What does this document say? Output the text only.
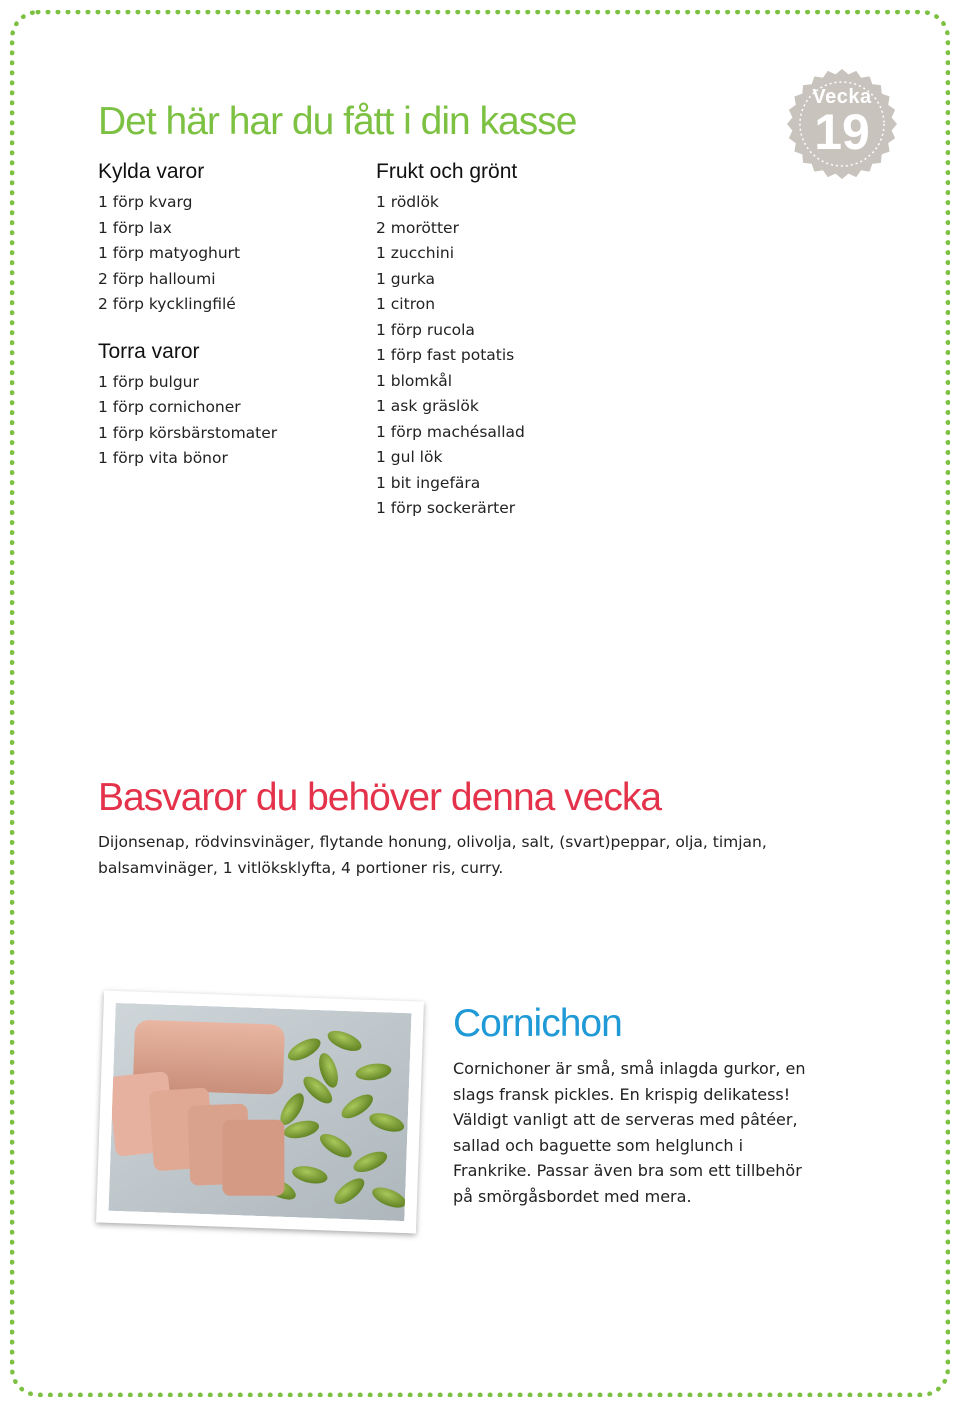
Det här har du fått i din kasse
Vecka
19
Kylda varor
1 förp kvarg
1 förp lax
1 förp matyoghurt
2 förp halloumi
2 förp kycklingfilé
Torra varor
1 förp bulgur
1 förp cornichoner
1 förp körsbärstomater
1 förp vita bönor
Frukt och grönt
1 rödlök
2 morötter
1 zucchini
1 gurka
1 citron
1 förp rucola
1 förp fast potatis
1 blomkål
1 ask gräslök
1 förp machésallad
1 gul lök
1 bit ingefära
1 förp sockerärter
Basvaror du behöver denna vecka

Dijonsenap, rödvinsvinäger, flytande honung, olivolja, salt, (svart)peppar, olja, timjan, balsamvinäger, 1 vitlöksklyfta, 4 portioner ris, curry.

Cornichon

Cornichoner är små, små inlagda gurkor, en slags fransk pickles. En krispig delikatess! Väldigt vanligt att de serveras med pâtéer, sallad och baguette som helglunch i Frankrike. Passar även bra som ett tillbehör på smörgåsbordet med mera.
